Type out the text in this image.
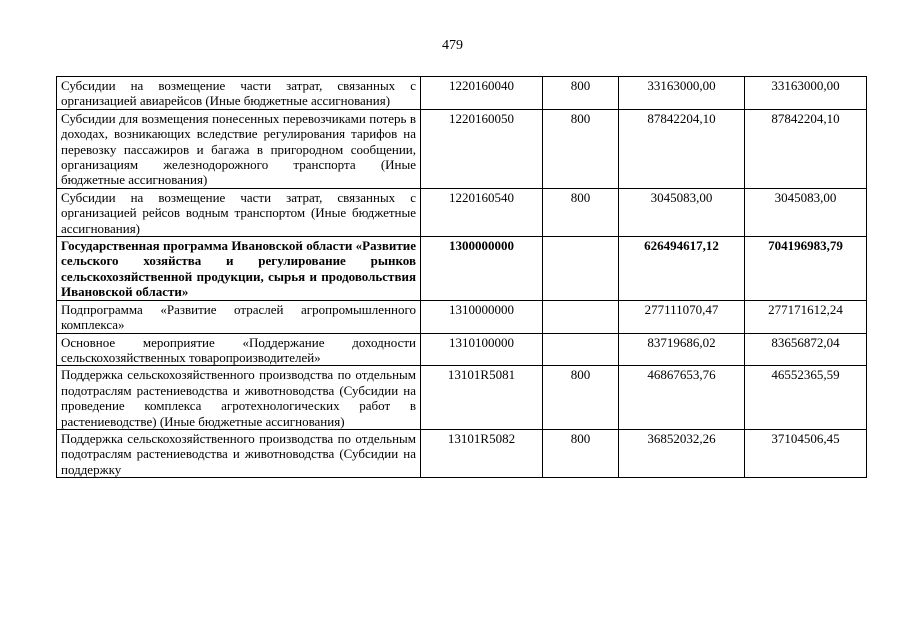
479
Субсидии на возмещение части затрат, связанных с организацией авиарейсов (Иные бюджетные ассигнования)	1220160040	800	33163000,00	33163000,00
Субсидии для возмещения понесенных перевозчиками потерь в доходах, возникающих вследствие регулирования тарифов на перевозку пассажиров и багажа в пригородном сообщении, организациям железнодорожного транспорта (Иные бюджетные ассигнования)	1220160050	800	87842204,10	87842204,10
Субсидии на возмещение части затрат, связанных с организацией рейсов водным транспортом (Иные бюджетные ассигнования)	1220160540	800	3045083,00	3045083,00
Государственная программа Ивановской области «Развитие сельского хозяйства и регулирование рынков сельскохозяйственной продукции, сырья и продовольствия Ивановской области»	1300000000		626494617,12	704196983,79
Подпрограмма «Развитие отраслей агропромышленного комплекса»	1310000000		277111070,47	277171612,24
Основное мероприятие «Поддержание доходности сельскохозяйственных товаропроизводителей»	1310100000		83719686,02	83656872,04
Поддержка сельскохозяйственного производства по отдельным подотраслям растениеводства и животноводства (Субсидии на проведение комплекса агротехнологических работ в растениеводстве) (Иные бюджетные ассигнования)	13101R5081	800	46867653,76	46552365,59
Поддержка сельскохозяйственного производства по отдельным подотраслям растениеводства и животноводства (Субсидии на поддержку	13101R5082	800	36852032,26	37104506,45
